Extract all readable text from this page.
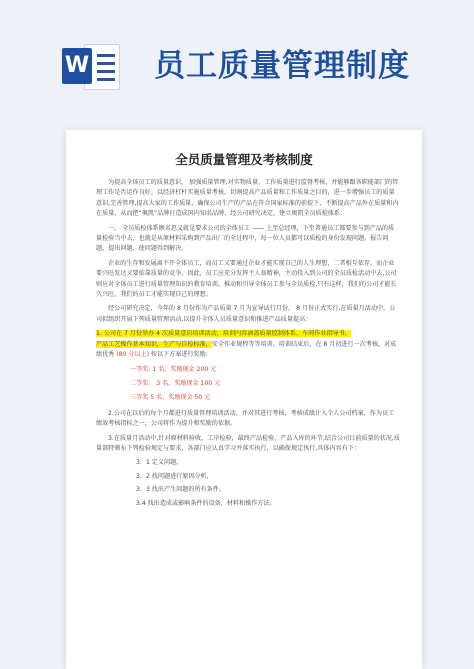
W 员工质量管理制度
全员质量管理及考核制度

为提高全体员工的质量意识， 加强质量管理,对实物质量、工作质量进行监督考核，并能够跟各职能部门的管理工作是否运作良好，以经济杠杆实施质量考核，切割提高产品质量和工作质量之目的，进一步增强员工的质量意识,完善管理,提高大家的工作质量，确保公司生产的产品在符合国家标准的前提下，不断提高产品外在质量和内在质量，从而把“奥凯”品牌打造成国内知名品牌，经公司研究决定，建立奥凯全员质检体系：

一、 全员质检体系顾名思义就是要求公司的全体员工 —— 上至总经理，下至普通员工都要参与到产品的质量检验当中去，也就是从原材料采购到产品出厂的全过程中，每一位人员都可以质检的身份发现问题，报告问题，提出问题，使问题得到解决。

企业的生存和发展离不开全体员工，而员工又要通过企业才能实现自己的人生理想，二者相互依存，而企业要兴旺发达又要依靠质量的竞争。因此，员工应充分发挥主人翁精神，主动投入到公司的全员质检活动中去,公司则应对全体员工进行质量管理知识的教育培训，推动和引导全体员工参与全员质检,只有这样，我们的公司才能长久兴旺，我们的员工才能实现自己的理想。

经公司研究决定，今年的 8 月份作为产品质量 7 月为宣导试行月份， 8 月份正式实行,在质量月活动中，公司拟组织开展下列质量管理活动,以提升全体人员质量意识和推进产品质量提高：

1. 公司在 7 月份举办 4 次质量意识培训活动，培训内容涵盖质量控制体系，车间作业指导书，
产品工艺操作基本知识，生产与自检标准，安全作业规程等等培训。培训结束后，在 8 月初进行一次考核，对成绩优秀 (80 分以上) 按以下方案进行奖励:

一等奖: 1 名，奖励现金 200 元

二等奖： 3 名，奖励现金 100 元

三等奖 5 名，奖励现金 50 元

2.公司在以后的每个月都进行质量管理培训活动，并对其进行考核，考核成绩计入个人公司档案，作为员工绩效考核指标之一，公司将作为提升和奖励的依据。

3.在质量月活动中,针对原材料验收，工序检验，最终产品检验，产品入库的环节,结合公司目前质量的状况,质量部特颁布下列检验规定与要求，各部门应认真学习并落实执行，以确保规定执行,具体内容有下：

3．1 定义问题，

3．2 找问题进行原因分析，

3．3 找出产生问题的所有条件。

3.4 找出造成或影响条件的设备，材料和操作方法。
